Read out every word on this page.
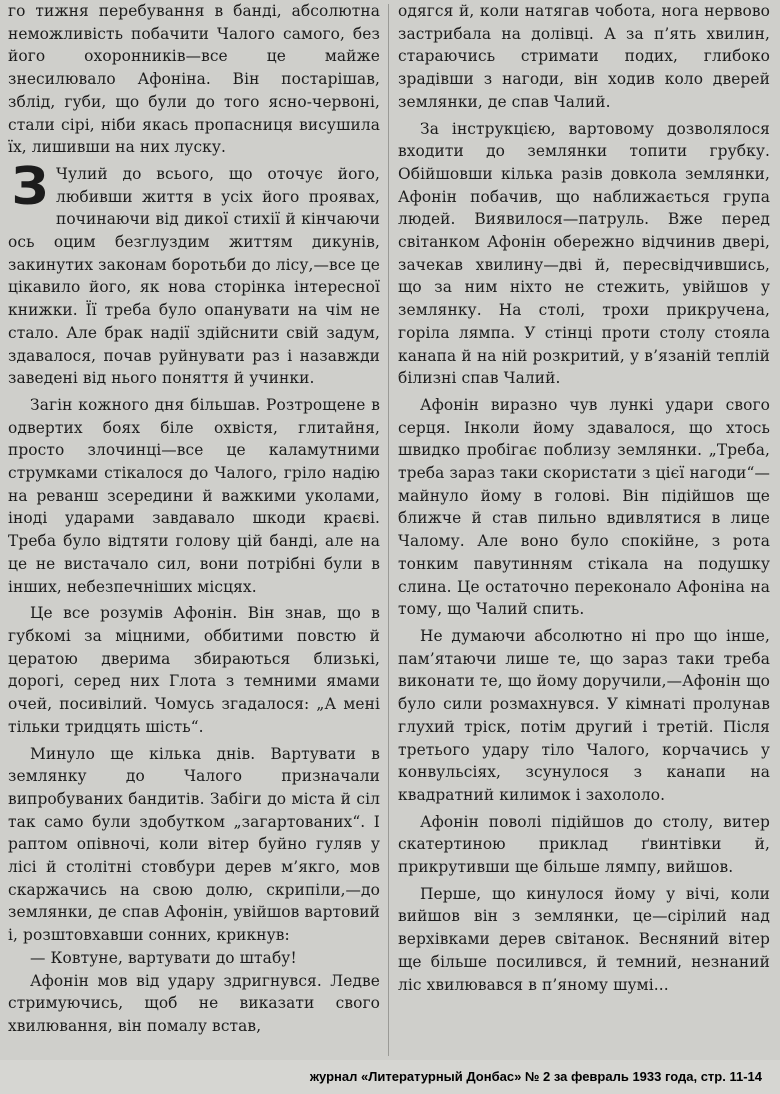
го тижня перебування в банді, абсолютна неможливість побачити Чалого самого, без його охоронників—все це майже знесилювало Афоніна. Він постарішав, зблід, губи, що були до того ясно-червоні, стали сірі, ніби якась пропасниця висушила їх, лишивши на них луску.

З Чулий до всього, що оточує його, любивши життя в усіх його проявах, починаючи від дикої стихії й кінчаючи ось оцим безглуздим життям дикунів, закинутих законам боротьби до лісу,—все це цікавило його, як нова сторінка інтересної книжки. Її треба було опанувати на чім не стало. Але брак надії здійснити свій задум, здавалося, почав руйнувати раз і назавжди заведені від нього поняття й учинки.

Загін кожного дня більшав. Розтрощене в одвертих боях біле охвістя, глитайня, просто злочинці—все це каламутними струмками стікалося до Чалого, гріло надію на реванш зсередини й важкими уколами, іноді ударами завдавало шкоди краєві. Треба було відтяти голову цій банді, але на це не вистачало сил, вони потрібні були в інших, небезпечніших місцях.

Це все розумів Афонін. Він знав, що в губкомі за міцними, оббитими повстю й цератою дверима збираються близькі, дорогі, серед них Глота з темними ямами очей, посивілий. Чомусь згадалося: „А мені тільки тридцять шість“.

Минуло ще кілька днів. Вартувати в землянку до Чалого призначали випробуваних бандитів. Забіги до міста й сіл так само були здобутком „загартованих“. І раптом опівночі, коли вітер буйно гуляв у лісі й столітні стовбури дерев м’якго, мов скаржачись на свою долю, скрипіли,—до землянки, де спав Афонін, увійшов вартовий і, розштовхавши сонних, крикнув:

— Ковтуне, вартувати до штабу!

Афонін мов від удару здригнувся. Ледве стримуючись, щоб не виказати свого хвилювання, він помалу встав,

одягся й, коли натягав чобота, нога нервово застрибала на долівці. А за п’ять хвилин, стараючись стримати подих, глибоко зрадівши з нагоди, він ходив коло дверей землянки, де спав Чалий.

За інструкцією, вартовому дозволялося входити до землянки топити грубку. Обійшовши кілька разів довкола землянки, Афонін побачив, що наближається група людей. Виявилося—патруль. Вже перед світанком Афонін обережно відчинив двері, зачекав хвилину—дві й, пересвідчившись, що за ним ніхто не стежить, увійшов у землянку. На столі, трохи прикручена, горіла лямпа. У стінці проти столу стояла канапа й на ній розкритий, у в’язаній теплій білизні спав Чалий.

Афонін виразно чув лункі удари свого серця. Інколи йому здавалося, що хтось швидко пробігає поблизу землянки. „Треба, треба зараз таки скористати з цієї нагоди“—майнуло йому в голові. Він підійшов ще ближче й став пильно вдивлятися в лице Чалому. Але воно було спокійне, з рота тонким павутинням стікала на подушку слина. Це остаточно переконало Афоніна на тому, що Чалий спить.

Не думаючи абсолютно ні про що інше, пам’ятаючи лише те, що зараз таки треба виконати те, що йому доручили,—Афонін що було сили розмахнувся. У кімнаті пролунав глухий тріск, потім другий і третій. Після третього удару тіло Чалого, корчачись у конвульсіях, зсунулося з канапи на квадратний килимок і захололо.

Афонін поволі підійшов до столу, витер скатертиною приклад ґвинтівки й, прикрутивши ще більше лямпу, вийшов.

Перше, що кинулося йому у вічі, коли вийшов він з землянки, це—сірілий над верхівками дерев світанок. Весняний вітер ще більше посилився, й темний, незнаний ліс хвилювався в п’яному шумі...

журнал «Литературный Донбас» № 2 за февраль 1933 года, стр. 11-14
